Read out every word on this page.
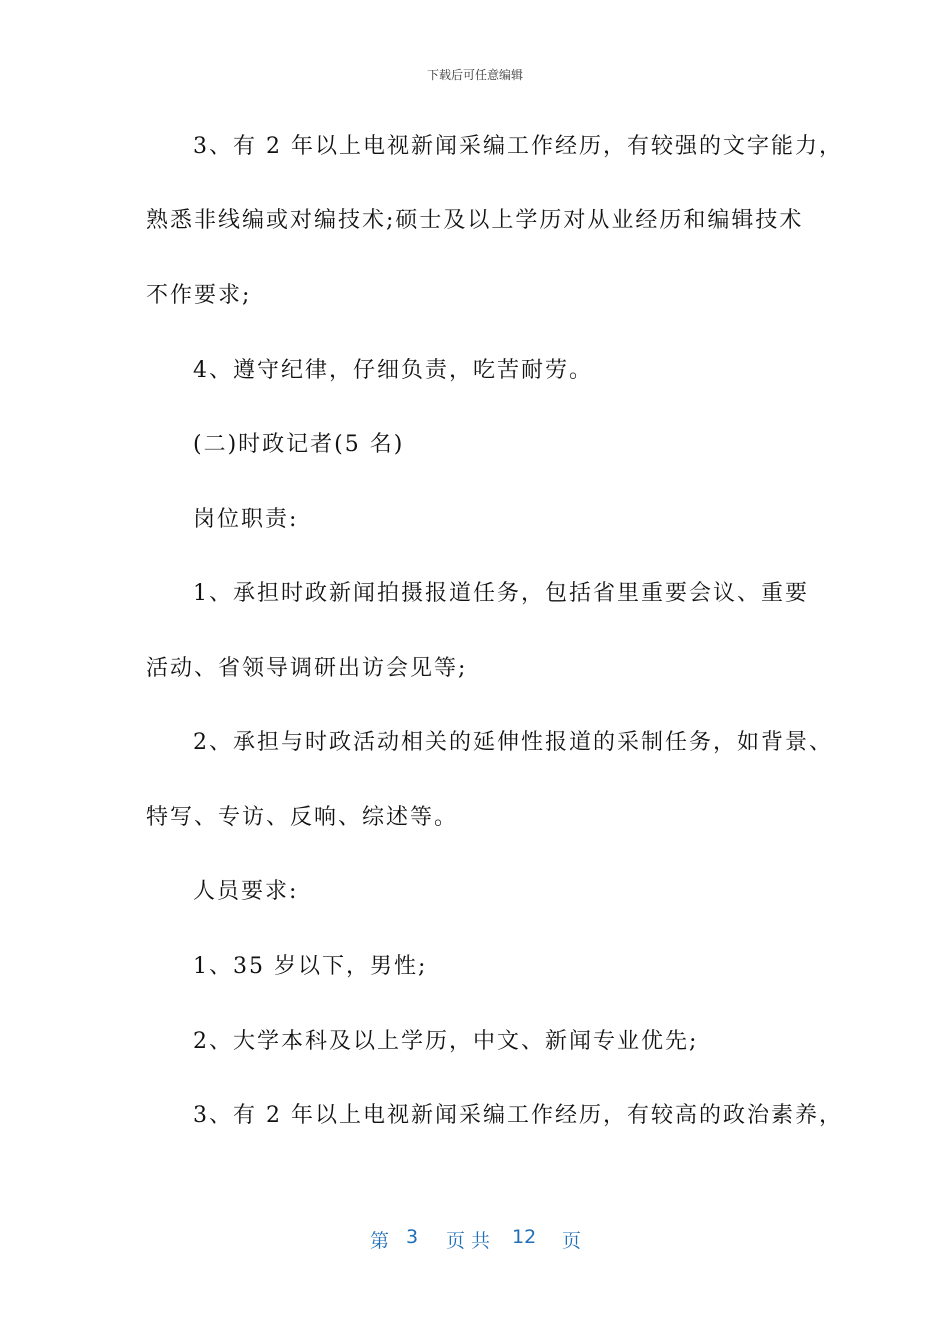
下载后可任意编辑
3、有 2 年以上电视新闻采编工作经历，有较强的文字能力，
熟悉非线编或对编技术;硕士及以上学历对从业经历和编辑技术
不作要求;
4、遵守纪律，仔细负责，吃苦耐劳。
(二)时政记者(5 名)
岗位职责:
1、承担时政新闻拍摄报道任务，包括省里重要会议、重要
活动、省领导调研出访会见等;
2、承担与时政活动相关的延伸性报道的采制任务，如背景、
特写、专访、反响、综述等。
人员要求:
1、35 岁以下，男性;
2、大学本科及以上学历，中文、新闻专业优先;
3、有 2 年以上电视新闻采编工作经历，有较高的政治素养，
第 3 页 共 12 页
